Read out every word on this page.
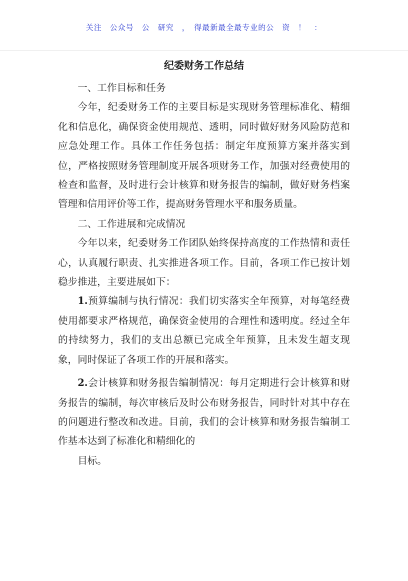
关注　公众号　公　研究　，　得最新最全最专业的公　资　！　：
纪委财务工作总结

一、工作目标和任务

今年，纪委财务工作的主要目标是实现财务管理标准化、精细化和信息化，确保资金使用规范、透明，同时做好财务风险防范和应急处理工作。具体工作任务包括：制定年度预算方案并落实到位，严格按照财务管理制度开展各项财务工作，加强对经费使用的检查和监督，及时进行会计核算和财务报告的编制，做好财务档案管理和信用评价等工作，提高财务管理水平和服务质量。

二、工作进展和完成情况

今年以来，纪委财务工作团队始终保持高度的工作热情和责任心，认真履行职责、扎实推进各项工作。目前，各项工作已按计划稳步推进，主要进展如下：

1.预算编制与执行情况：我们切实落实全年预算，对每笔经费使用都要求严格规范，确保资金使用的合理性和透明度。经过全年的持续努力，我们的支出总额已完成全年预算，且未发生超支现象，同时保证了各项工作的开展和落实。

2.会计核算和财务报告编制情况：每月定期进行会计核算和财务报告的编制，每次审核后及时公布财务报告，同时针对其中存在的问题进行整改和改进。目前，我们的会计核算和财务报告编制工作基本达到了标准化和精细化的

目标。
